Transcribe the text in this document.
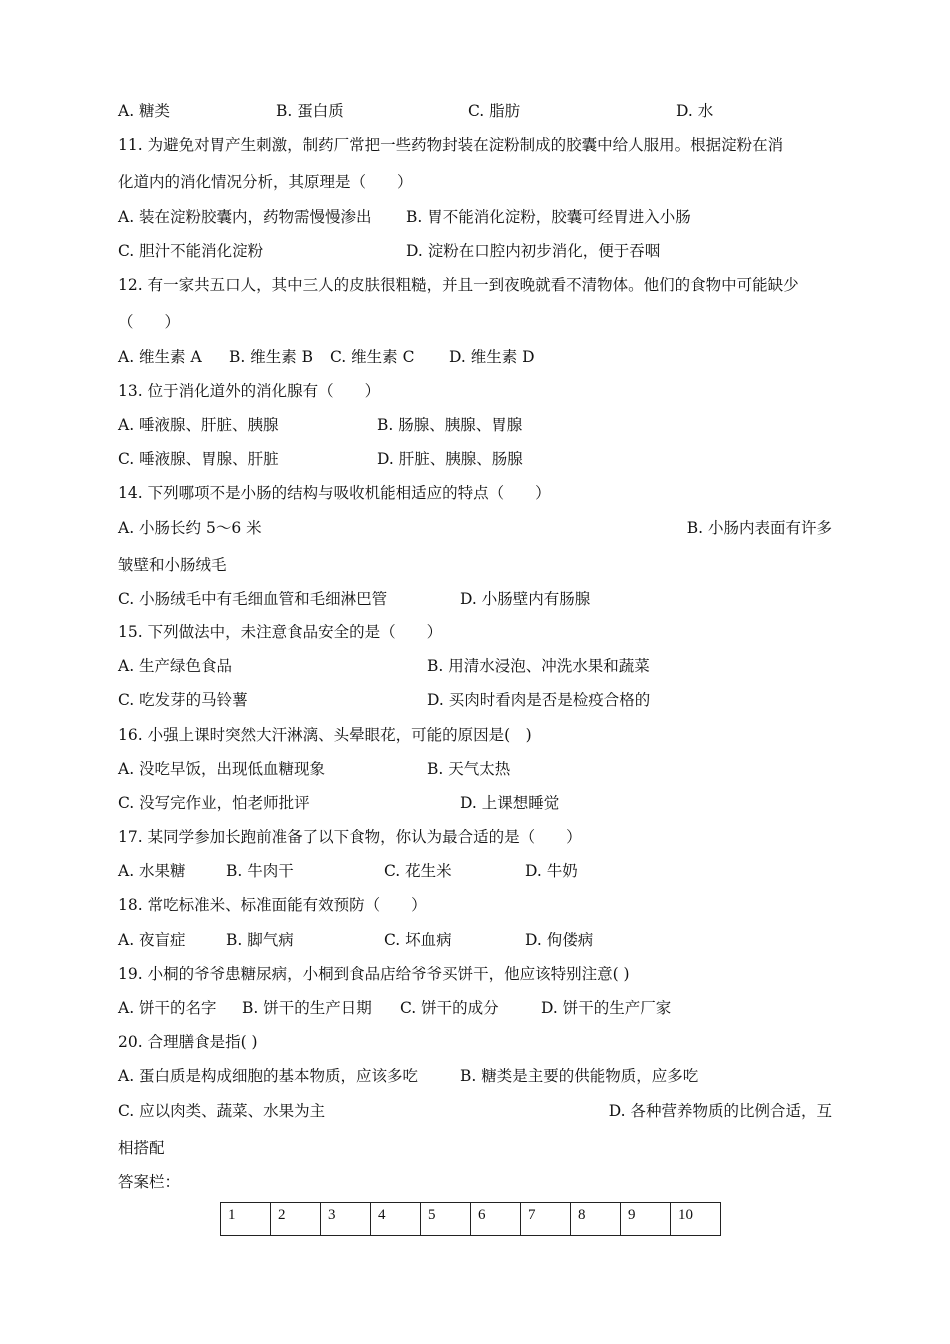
A. 糖类	B. 蛋白质	C. 脂肪	D. 水
11. 为避免对胃产生刺激，制药厂常把一些药物封装在淀粉制成的胶囊中给人服用。根据淀粉在消
化道内的消化情况分析，其原理是（　　）
A. 装在淀粉胶囊内，药物需慢慢渗出 B. 胃不能消化淀粉，胶囊可经胃进入小肠
C. 胆汁不能消化淀粉	D. 淀粉在口腔内初步消化，便于吞咽
12. 有一家共五口人，其中三人的皮肤很粗糙，并且一到夜晚就看不清物体。他们的食物中可能缺少
（　　）
A. 维生素 A B. 维生素 B C. 维生素 C D. 维生素 D
13. 位于消化道外的消化腺有（　　）
A. 唾液腺、肝脏、胰腺	B. 肠腺、胰腺、胃腺
C. 唾液腺、胃腺、肝脏	D. 肝脏、胰腺、肠腺
14. 下列哪项不是小肠的结构与吸收机能相适应的特点（　　）
A. 小肠长约 5～6 米	B. 小肠内表面有许多
皱壁和小肠绒毛
C. 小肠绒毛中有毛细血管和毛细淋巴管	D. 小肠壁内有肠腺
15. 下列做法中，未注意食品安全的是（　　）
A. 生产绿色食品	B. 用清水浸泡、冲洗水果和蔬菜
C. 吃发芽的马铃薯	D. 买肉时看肉是否是检疫合格的
16. 小强上课时突然大汗淋漓、头晕眼花，可能的原因是(　)
A. 没吃早饭，出现低血糖现象	B. 天气太热
C. 没写完作业，怕老师批评	D. 上课想睡觉
17. 某同学参加长跑前准备了以下食物，你认为最合适的是（　　）
A. 水果糖	B. 牛肉干	C. 花生米	D. 牛奶
18. 常吃标准米、标准面能有效预防（　　）
A. 夜盲症	B. 脚气病	C. 坏血病	D. 佝偻病
19. 小桐的爷爷患糖尿病，小桐到食品店给爷爷买饼干，他应该特别注意( )
A. 饼干的名字 B. 饼干的生产日期 C. 饼干的成分	D. 饼干的生产厂家
20. 合理膳食是指( )
A. 蛋白质是构成细胞的基本物质，应该多吃	B. 糖类是主要的供能物质，应多吃
C. 应以肉类、蔬菜、水果为主	D. 各种营养物质的比例合适，互
相搭配
答案栏：
1	2	3	4	5	6	7	8	9	10
